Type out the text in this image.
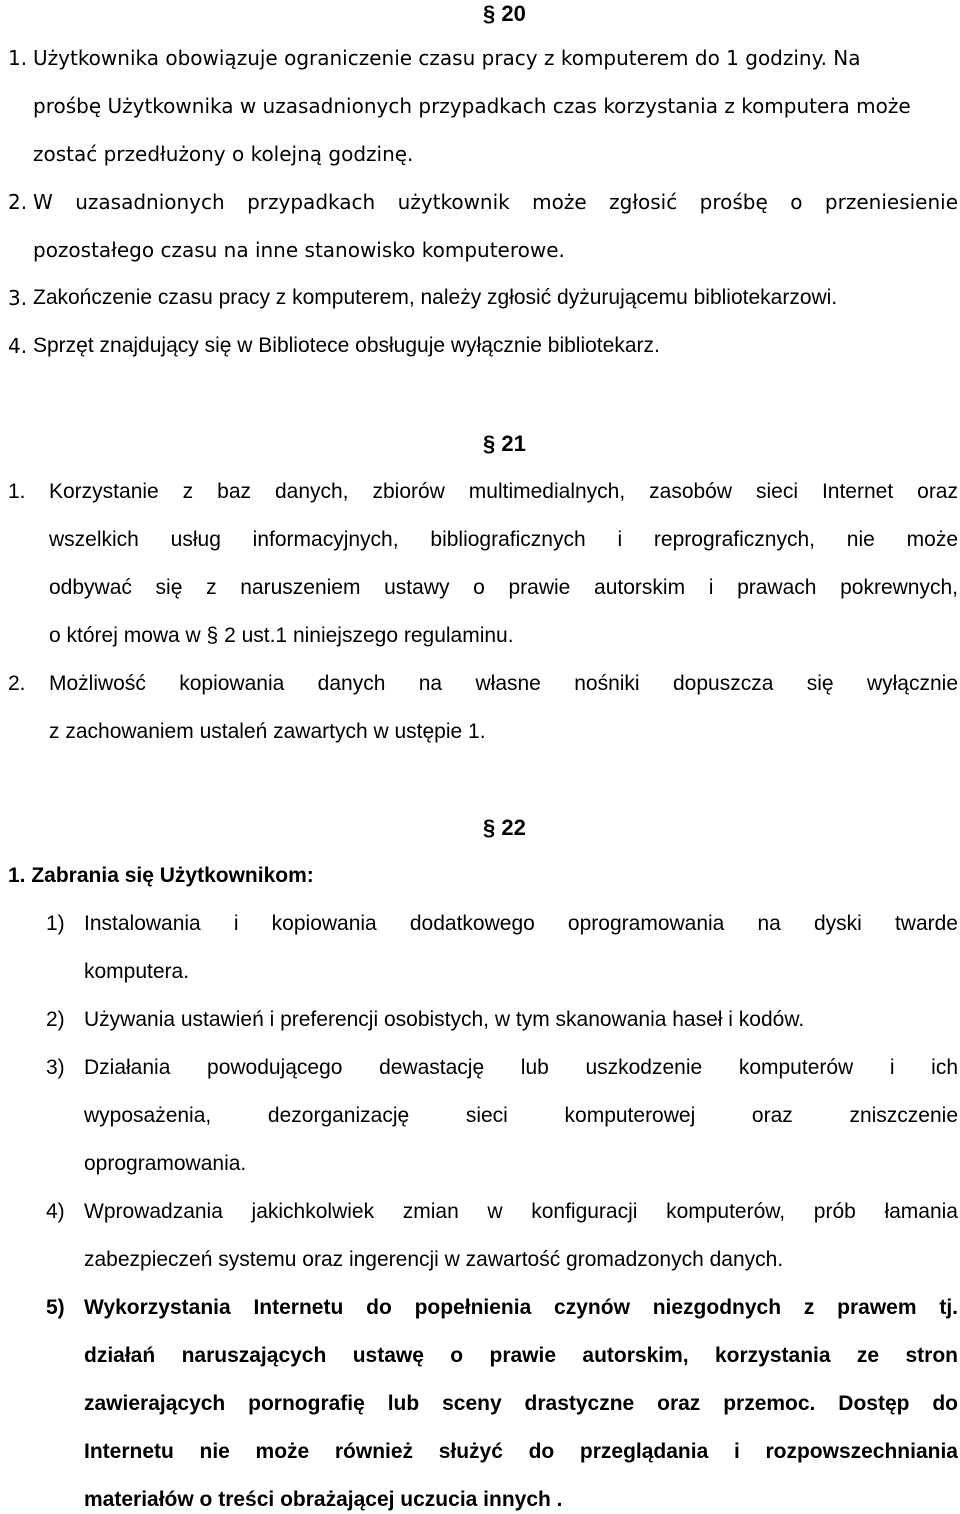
§ 20
1. Użytkownika obowiązuje ograniczenie czasu pracy z komputerem do 1 godziny. Na
prośbę Użytkownika w uzasadnionych przypadkach czas korzystania z komputera może
zostać przedłużony o kolejną godzinę.
2. W uzasadnionych przypadkach użytkownik może zgłosić prośbę o przeniesienie
pozostałego czasu na inne stanowisko komputerowe.
3. Zakończenie czasu pracy z komputerem, należy zgłosić dyżurującemu bibliotekarzowi.
4. Sprzęt znajdujący się w Bibliotece obsługuje wyłącznie bibliotekarz.
§ 21
1. Korzystanie z baz danych, zbiorów multimedialnych, zasobów sieci Internet oraz
wszelkich usług informacyjnych, bibliograficznych i reprograficznych, nie może
odbywać się z naruszeniem ustawy o prawie autorskim i prawach pokrewnych,
o której mowa w § 2 ust.1 niniejszego regulaminu.
2. Możliwość kopiowania danych na własne nośniki dopuszcza się wyłącznie
z zachowaniem ustaleń zawartych w ustępie 1.
§ 22
1. Zabrania się Użytkownikom:
1) Instalowania i kopiowania dodatkowego oprogramowania na dyski twarde
komputera.
2) Używania ustawień i preferencji osobistych, w tym skanowania haseł i kodów.
3) Działania powodującego dewastację lub uszkodzenie komputerów i ich
wyposażenia, dezorganizację sieci komputerowej oraz zniszczenie
oprogramowania.
4) Wprowadzania jakichkolwiek zmian w konfiguracji komputerów, prób łamania
zabezpieczeń systemu oraz ingerencji w zawartość gromadzonych danych.
5) Wykorzystania Internetu do popełnienia czynów niezgodnych z prawem tj.
działań naruszających ustawę o prawie autorskim, korzystania ze stron
zawierających pornografię lub sceny drastyczne oraz przemoc. Dostęp do
Internetu nie może również służyć do przeglądania i rozpowszechniania
materiałów o treści obrażającej uczucia innych .
